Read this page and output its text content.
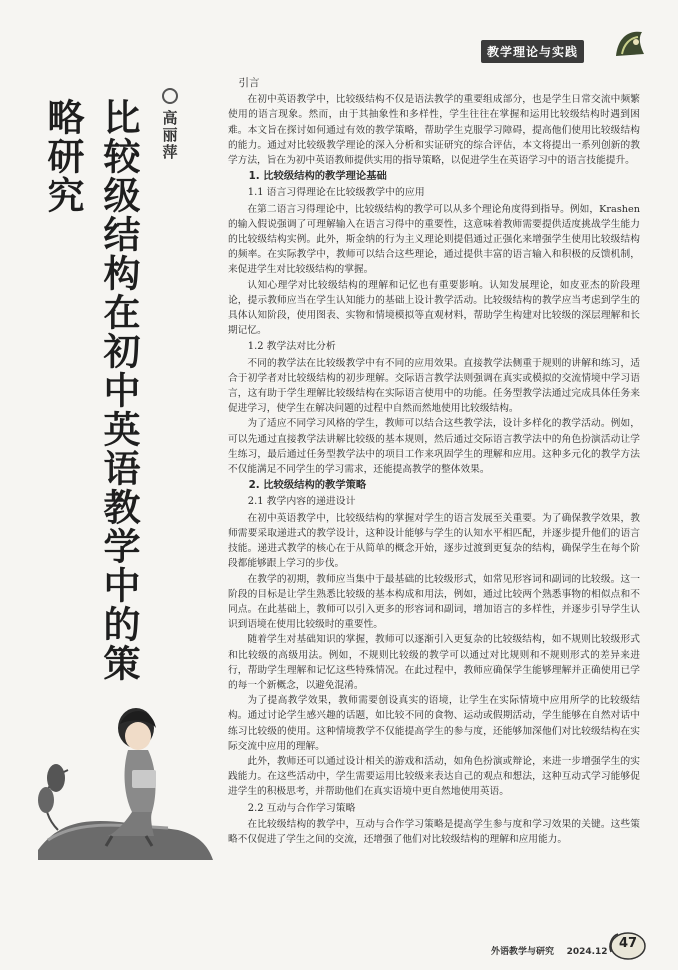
教学理论与实践
高丽萍
比较级结构在初中英语教学中的策略研究

引言

在初中英语教学中，比较级结构不仅是语法教学的重要组成部分，也是学生日常交流中频繁使用的语言现象。然而，由于其抽象性和多样性，学生往往在掌握和运用比较级结构时遇到困难。本文旨在探讨如何通过有效的教学策略，帮助学生克服学习障碍，提高他们使用比较级结构的能力。通过对比较级教学理论的深入分析和实证研究的综合评估，本文将提出一系列创新的教学方法，旨在为初中英语教师提供实用的指导策略，以促进学生在英语学习中的语言技能提升。

1. 比较级结构的教学理论基础

1.1 语言习得理论在比较级教学中的应用

在第二语言习得理论中，比较级结构的教学可以从多个理论角度得到指导。例如，Krashen的输入假说强调了可理解输入在语言习得中的重要性，这意味着教师需要提供适度挑战学生能力的比较级结构实例。此外，斯金纳的行为主义理论则提倡通过正强化来增强学生使用比较级结构的频率。在实际教学中，教师可以结合这些理论，通过提供丰富的语言输入和积极的反馈机制，来促进学生对比较级结构的掌握。

认知心理学对比较级结构的理解和记忆也有重要影响。认知发展理论，如皮亚杰的阶段理论，提示教师应当在学生认知能力的基础上设计教学活动。比较级结构的教学应当考虑到学生的具体认知阶段，使用图表、实物和情境模拟等直观材料，帮助学生构建对比较级的深层理解和长期记忆。

1.2 教学法对比分析

不同的教学法在比较级教学中有不同的应用效果。直接教学法侧重于规则的讲解和练习，适合于初学者对比较级结构的初步理解。交际语言教学法则强调在真实或模拟的交流情境中学习语言，这有助于学生理解比较级结构在实际语言使用中的功能。任务型教学法通过完成具体任务来促进学习，使学生在解决问题的过程中自然而然地使用比较级结构。

为了适应不同学习风格的学生，教师可以结合这些教学法，设计多样化的教学活动。例如，可以先通过直接教学法讲解比较级的基本规则，然后通过交际语言教学法中的角色扮演活动让学生练习，最后通过任务型教学法中的项目工作来巩固学生的理解和应用。这种多元化的教学方法不仅能满足不同学生的学习需求，还能提高教学的整体效果。

2. 比较级结构的教学策略

2.1 教学内容的递进设计

在初中英语教学中，比较级结构的掌握对学生的语言发展至关重要。为了确保教学效果，教师需要采取递进式的教学设计，这种设计能够与学生的认知水平相匹配，并逐步提升他们的语言技能。递进式教学的核心在于从简单的概念开始，逐步过渡到更复杂的结构，确保学生在每个阶段都能够跟上学习的步伐。

在教学的初期，教师应当集中于最基础的比较级形式，如常见形容词和副词的比较级。这一阶段的目标是让学生熟悉比较级的基本构成和用法，例如，通过比较两个熟悉事物的相似点和不同点。在此基础上，教师可以引入更多的形容词和副词，增加语言的多样性，并逐步引导学生认识到语境在使用比较级时的重要性。

随着学生对基础知识的掌握，教师可以逐渐引入更复杂的比较级结构，如不规则比较级形式和比较级的高级用法。例如，不规则比较级的教学可以通过对比规则和不规则形式的差异来进行，帮助学生理解和记忆这些特殊情况。在此过程中，教师应确保学生能够理解并正确使用已学的每一个新概念，以避免混淆。

为了提高教学效果，教师需要创设真实的语境，让学生在实际情境中应用所学的比较级结构。通过讨论学生感兴趣的话题，如比较不同的食物、运动或假期活动，学生能够在自然对话中练习比较级的使用。这种情境教学不仅能提高学生的参与度，还能够加深他们对比较级结构在实际交流中应用的理解。

此外，教师还可以通过设计相关的游戏和活动，如角色扮演或辩论，来进一步增强学生的实践能力。在这些活动中，学生需要运用比较级来表达自己的观点和想法，这种互动式学习能够促进学生的积极思考，并帮助他们在真实语境中更自然地使用英语。

2.2 互动与合作学习策略

在比较级结构的教学中，互动与合作学习策略是提高学生参与度和学习效果的关键。这些策略不仅促进了学生之间的交流，还增强了他们对比较级结构的理解和应用能力。

外语教学与研究 2024.12
47
